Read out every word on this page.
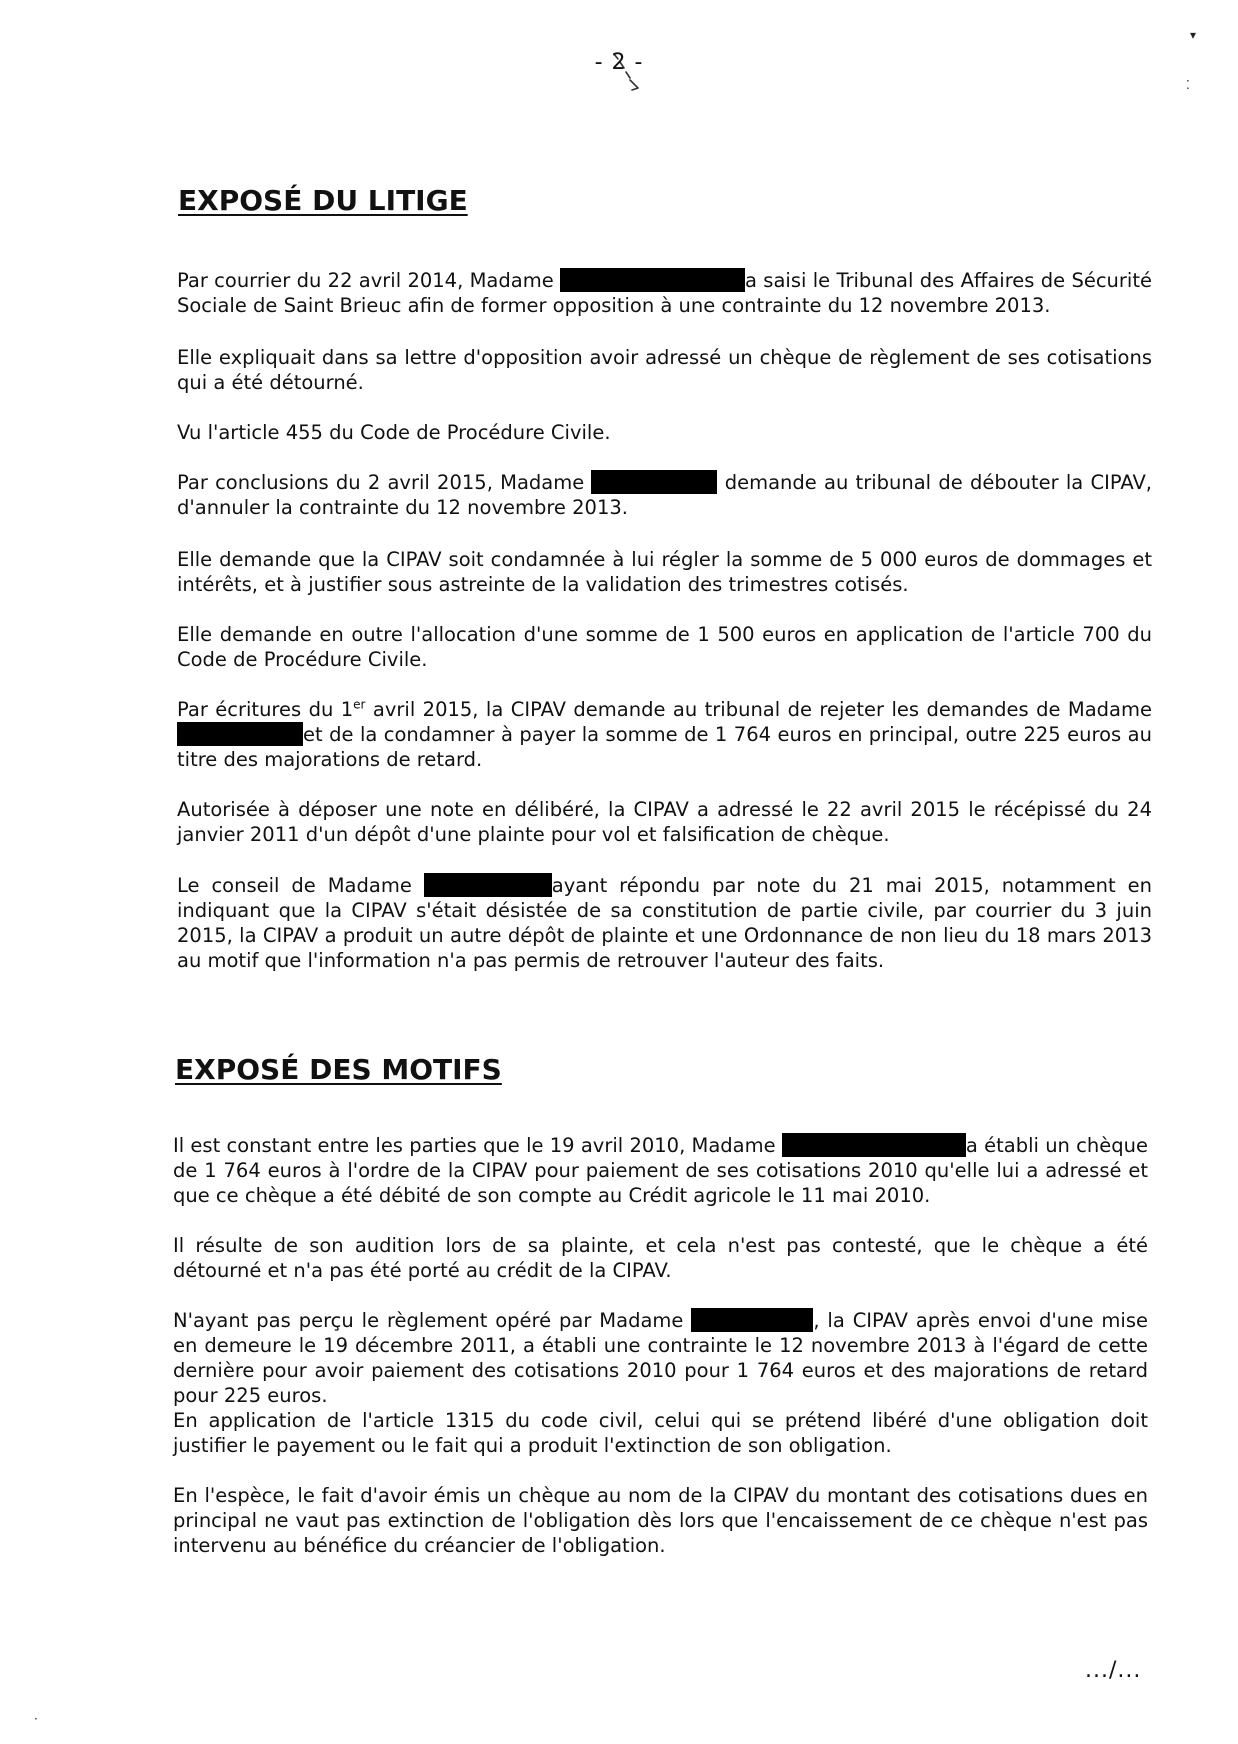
- 2 -
▾
⁚
EXPOSÉ DU LITIGE
Par courrier du 22 avril 2014, Madame	a saisi le Tribunal des Affaires de Sécurité Sociale de Saint Brieuc afin de former opposition à une contrainte du 12 novembre 2013.
Elle expliquait dans sa lettre d'opposition avoir adressé un chèque de règlement de ses cotisations qui a été détourné.
Vu l'article 455 du Code de Procédure Civile.
Par conclusions du 2 avril 2015, Madame	demande au tribunal de débouter la CIPAV, d'annuler la contrainte du 12 novembre 2013.
Elle demande que la CIPAV soit condamnée à lui régler la somme de 5 000 euros de dommages et intérêts, et à justifier sous astreinte de la validation des trimestres cotisés.
Elle demande en outre l'allocation d'une somme de 1 500 euros en application de l'article 700 du Code de Procédure Civile.
Par écritures du 1er avril 2015, la CIPAV demande au tribunal de rejeter les demandes de Madame et de la condamner à payer la somme de 1 764 euros en principal, outre 225 euros au titre des majorations de retard.
Autorisée à déposer une note en délibéré, la CIPAV a adressé le 22 avril 2015 le récépissé du 24 janvier 2011 d'un dépôt d'une plainte pour vol et falsification de chèque.
Le conseil de Madame	ayant répondu par note du 21 mai 2015, notamment en indiquant que la CIPAV s'était désistée de sa constitution de partie civile, par courrier du 3 juin 2015, la CIPAV a produit un autre dépôt de plainte et une Ordonnance de non lieu du 18 mars 2013 au motif que l'information n'a pas permis de retrouver l'auteur des faits.
EXPOSÉ DES MOTIFS
Il est constant entre les parties que le 19 avril 2010, Madame	a établi un chèque de 1 764 euros à l'ordre de la CIPAV pour paiement de ses cotisations 2010 qu'elle lui a adressé et que ce chèque a été débité de son compte au Crédit agricole le 11 mai 2010.
Il résulte de son audition lors de sa plainte, et cela n'est pas contesté, que le chèque a été détourné et n'a pas été porté au crédit de la CIPAV.
N'ayant pas perçu le règlement opéré par Madame	, la CIPAV après envoi d'une mise en demeure le 19 décembre 2011, a établi une contrainte le 12 novembre 2013 à l'égard de cette dernière pour avoir paiement des cotisations 2010 pour 1 764 euros et des majorations de retard pour 225 euros.
En application de l'article 1315 du code civil, celui qui se prétend libéré d'une obligation doit justifier le payement ou le fait qui a produit l'extinction de son obligation.
En l'espèce, le fait d'avoir émis un chèque au nom de la CIPAV du montant des cotisations dues en principal ne vaut pas extinction de l'obligation dès lors que l'encaissement de ce chèque n'est pas intervenu au bénéfice du créancier de l'obligation.
.../...
·
